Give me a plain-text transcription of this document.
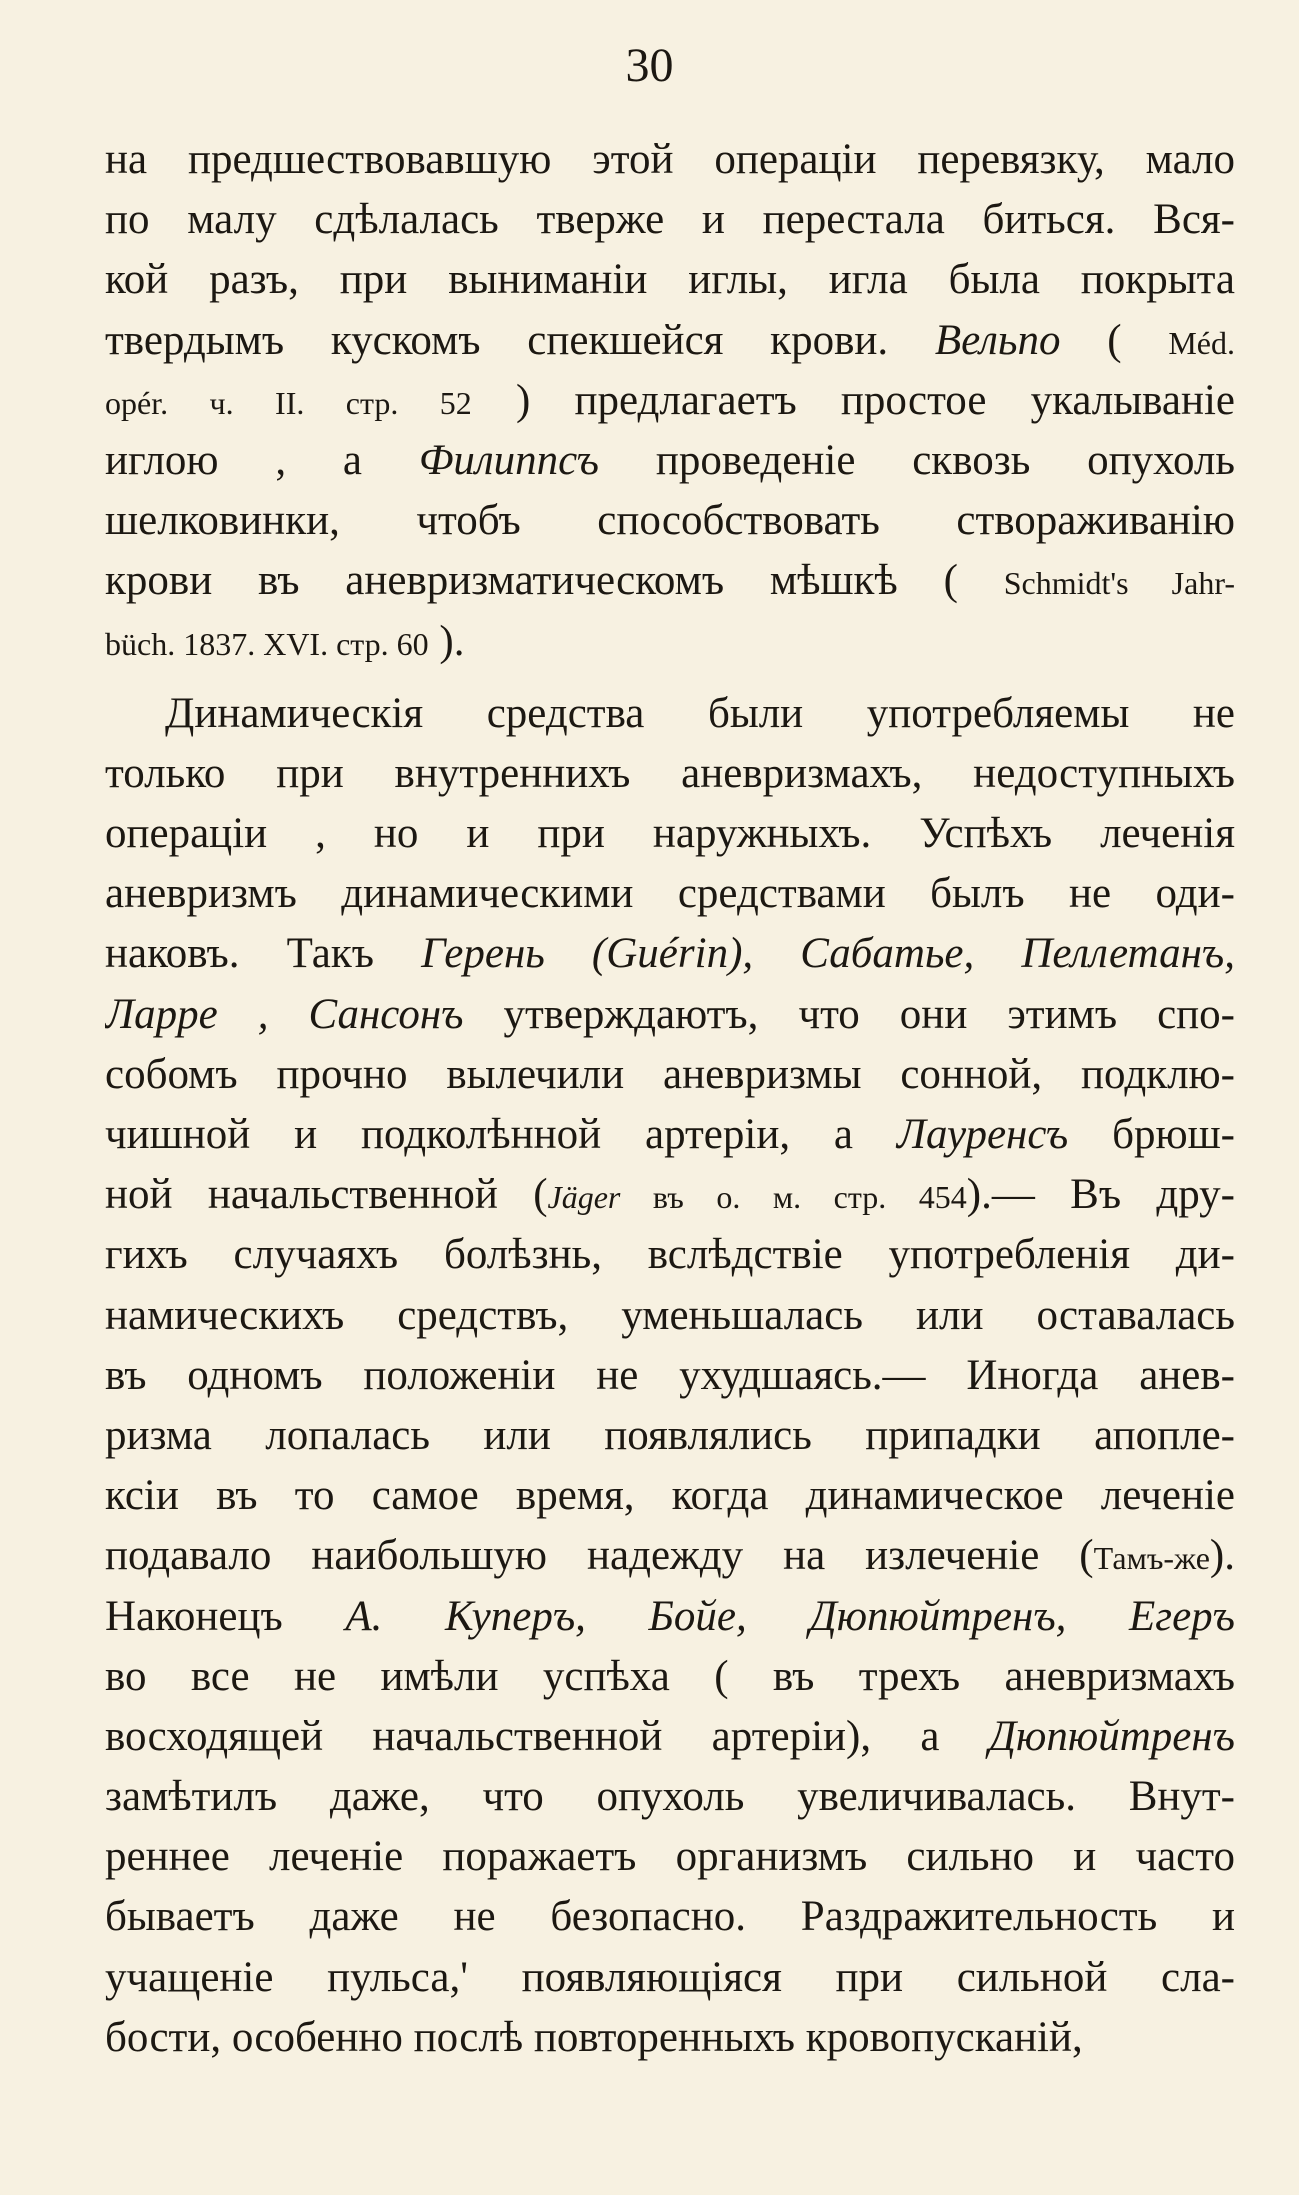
30
на предшествовавшую этой операціи перевязку, мало
по малу сдѣлалась тверже и перестала биться. Вся-
кой разъ, при выниманіи иглы, игла была покрыта
твердымъ кускомъ спекшейся крови. Вельпо ( Méd.
opér. ч. II. стр. 52 ) предлагаетъ простое укалываніе
иглою , а Филиппсъ проведеніе сквозь опухоль
шелковинки, чтобъ способствовать створаживанію
крови въ аневризматическомъ мѣшкѣ ( Schmidt's Jahr-
büch. 1837. XVI. стр. 60 ).
Динамическія средства были употребляемы не
только при внутреннихъ аневризмахъ, недоступныхъ
операціи , но и при наружныхъ. Успѣхъ леченія
аневризмъ динамическими средствами былъ не оди-
наковъ. Такъ Герень (Guérin), Сабатье, Пеллетанъ,
Ларре , Сансонъ утверждаютъ, что они этимъ спо-
собомъ прочно вылечили аневризмы сонной, подклю-
чишной и подколѣнной артеріи, а Лауренсъ брюш-
ной начальственной (Jäger въ о. м. стр. 454).— Въ дру-
гихъ случаяхъ болѣзнь, вслѣдствіе употребленія ди-
намическихъ средствъ, уменьшалась или оставалась
въ одномъ положеніи не ухудшаясь.— Иногда анев-
ризма лопалась или появлялись припадки апопле-
ксіи въ то самое время, когда динамическое леченіе
подавало наибольшую надежду на излеченіе (Тамъ-же).
Наконецъ А. Куперъ, Бойе, Дюпюйтренъ, Егеръ
во все не имѣли успѣха ( въ трехъ аневризмахъ
восходящей начальственной артеріи), а Дюпюйтренъ
замѣтилъ даже, что опухоль увеличивалась. Внут-
реннее леченіе поражаетъ организмъ сильно и часто
бываетъ даже не безопасно. Раздражительность и
учащеніе пульса,' появляющіяся при сильной сла-
бости, особенно послѣ повторенныхъ кровопусканій,
